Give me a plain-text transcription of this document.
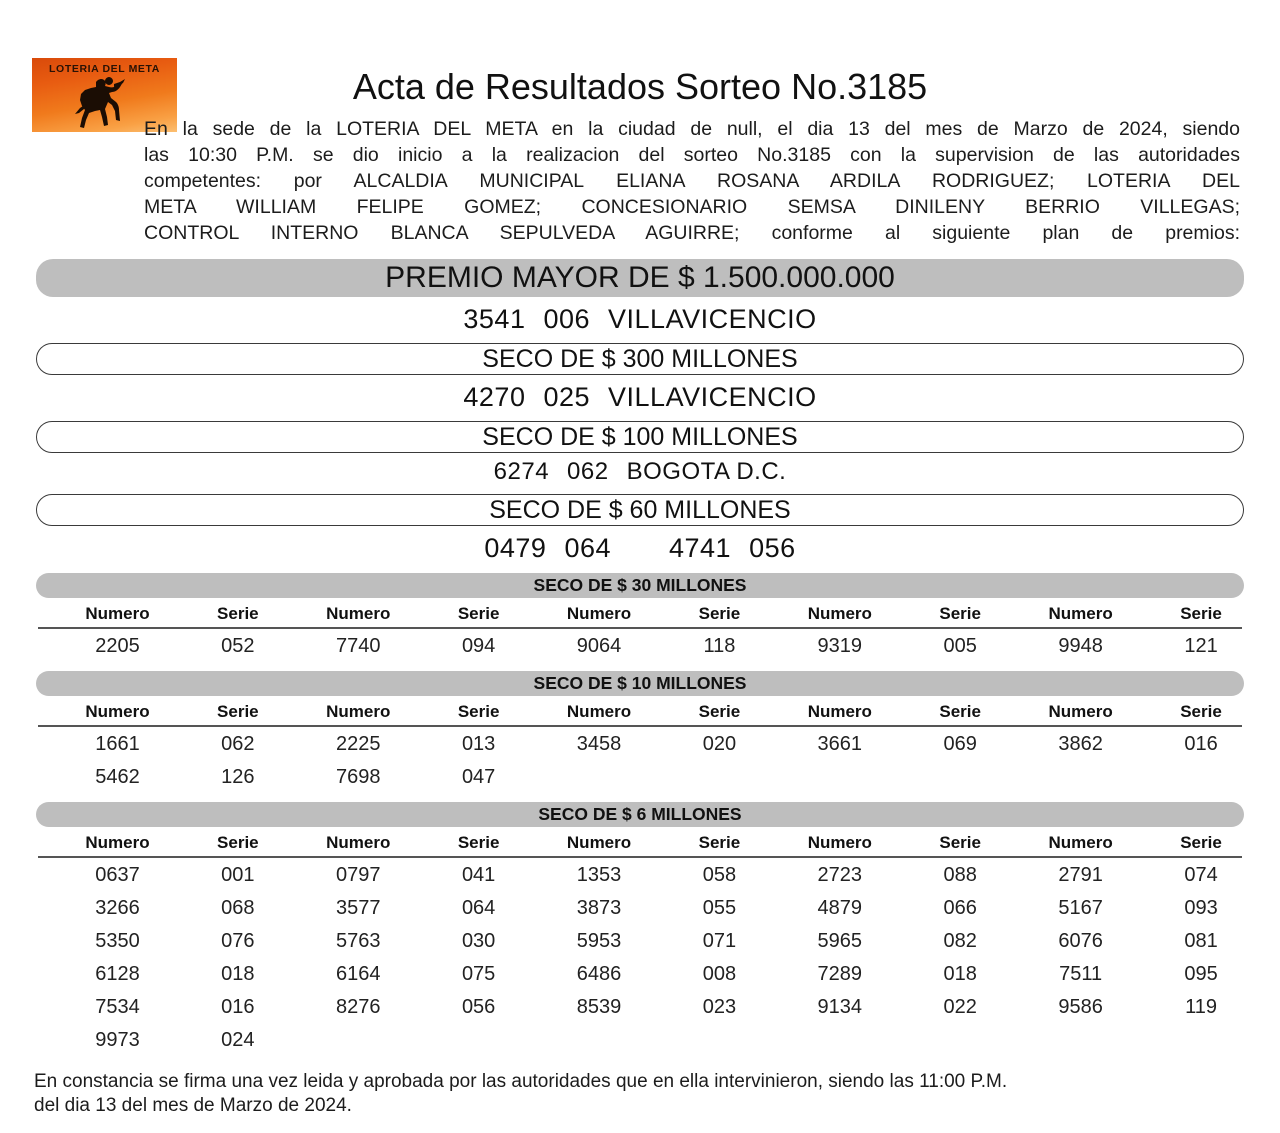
LOTERIA DEL META	Acta de Resultados Sorteo No.3185
En la sede de la LOTERIA DEL META en la ciudad de null, el dia 13 del mes de Marzo de 2024, siendo
las 10:30 P.M. se dio inicio a la realizacion del sorteo No.3185 con la supervision de las autoridades
competentes: por ALCALDIA MUNICIPAL ELIANA ROSANA ARDILA RODRIGUEZ; LOTERIA DEL
META WILLIAM FELIPE GOMEZ; CONCESIONARIO SEMSA DINILENY BERRIO VILLEGAS;
CONTROL INTERNO BLANCA SEPULVEDA AGUIRRE; conforme al siguiente plan de premios:
PREMIO MAYOR DE $ 1.500.000.000
3541 006 VILLAVICENCIO
SECO DE $ 300 MILLONES
4270 025 VILLAVICENCIO
SECO DE $ 100 MILLONES
6274 062 BOGOTA D.C.
SECO DE $ 60 MILLONES
0479 064 4741 056
SECO DE $ 30 MILLONES
Numero	Serie	Numero	Serie	Numero	Serie	Numero	Serie	Numero	Serie
2205	052	7740	094	9064	118	9319	005	9948	121
SECO DE $ 10 MILLONES
Numero	Serie	Numero	Serie	Numero	Serie	Numero	Serie	Numero	Serie
1661	062	2225	013	3458	020	3661	069	3862	016
5462	126	7698	047						
SECO DE $ 6 MILLONES
Numero	Serie	Numero	Serie	Numero	Serie	Numero	Serie	Numero	Serie
0637	001	0797	041	1353	058	2723	088	2791	074
3266	068	3577	064	3873	055	4879	066	5167	093
5350	076	5763	030	5953	071	5965	082	6076	081
6128	018	6164	075	6486	008	7289	018	7511	095
7534	016	8276	056	8539	023	9134	022	9586	119
9973	024								
En constancia se firma una vez leida y aprobada por las autoridades que en ella intervinieron, siendo las 11:00 P.M.
del dia 13 del mes de Marzo de 2024.
